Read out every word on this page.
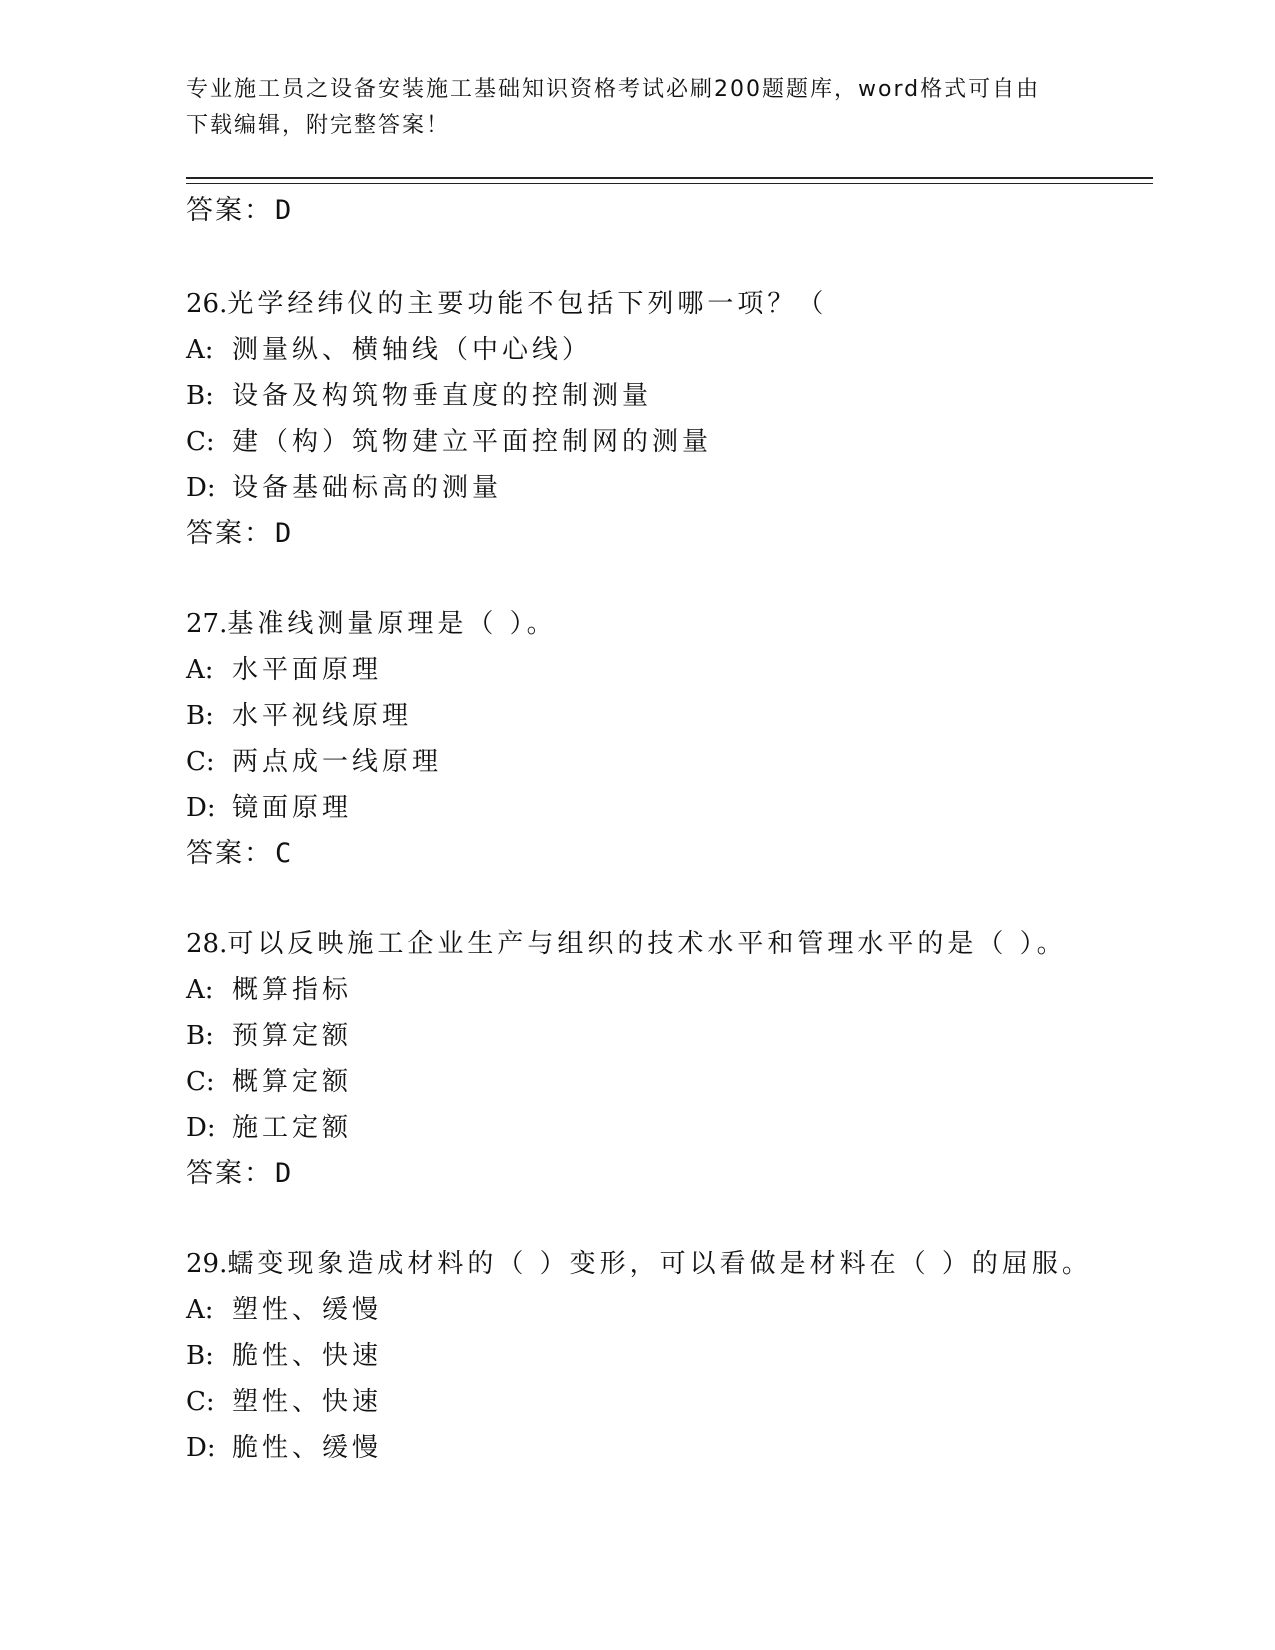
专业施工员之设备安装施工基础知识资格考试必刷200题题库，word格式可自由
下载编辑，附完整答案！
答案：D
26.光学经纬仪的主要功能不包括下列哪一项？（
A: 测量纵、横轴线（中心线）
B: 设备及构筑物垂直度的控制测量
C: 建（构）筑物建立平面控制网的测量
D: 设备基础标高的测量
答案：D
27.基准线测量原理是（ ）。
A: 水平面原理
B: 水平视线原理
C: 两点成一线原理
D: 镜面原理
答案：C
28.可以反映施工企业生产与组织的技术水平和管理水平的是（ ）。
A: 概算指标
B: 预算定额
C: 概算定额
D: 施工定额
答案：D
29.蠕变现象造成材料的（ ）变形，可以看做是材料在（ ）的屈服。
A: 塑性、缓慢
B: 脆性、快速
C: 塑性、快速
D: 脆性、缓慢
